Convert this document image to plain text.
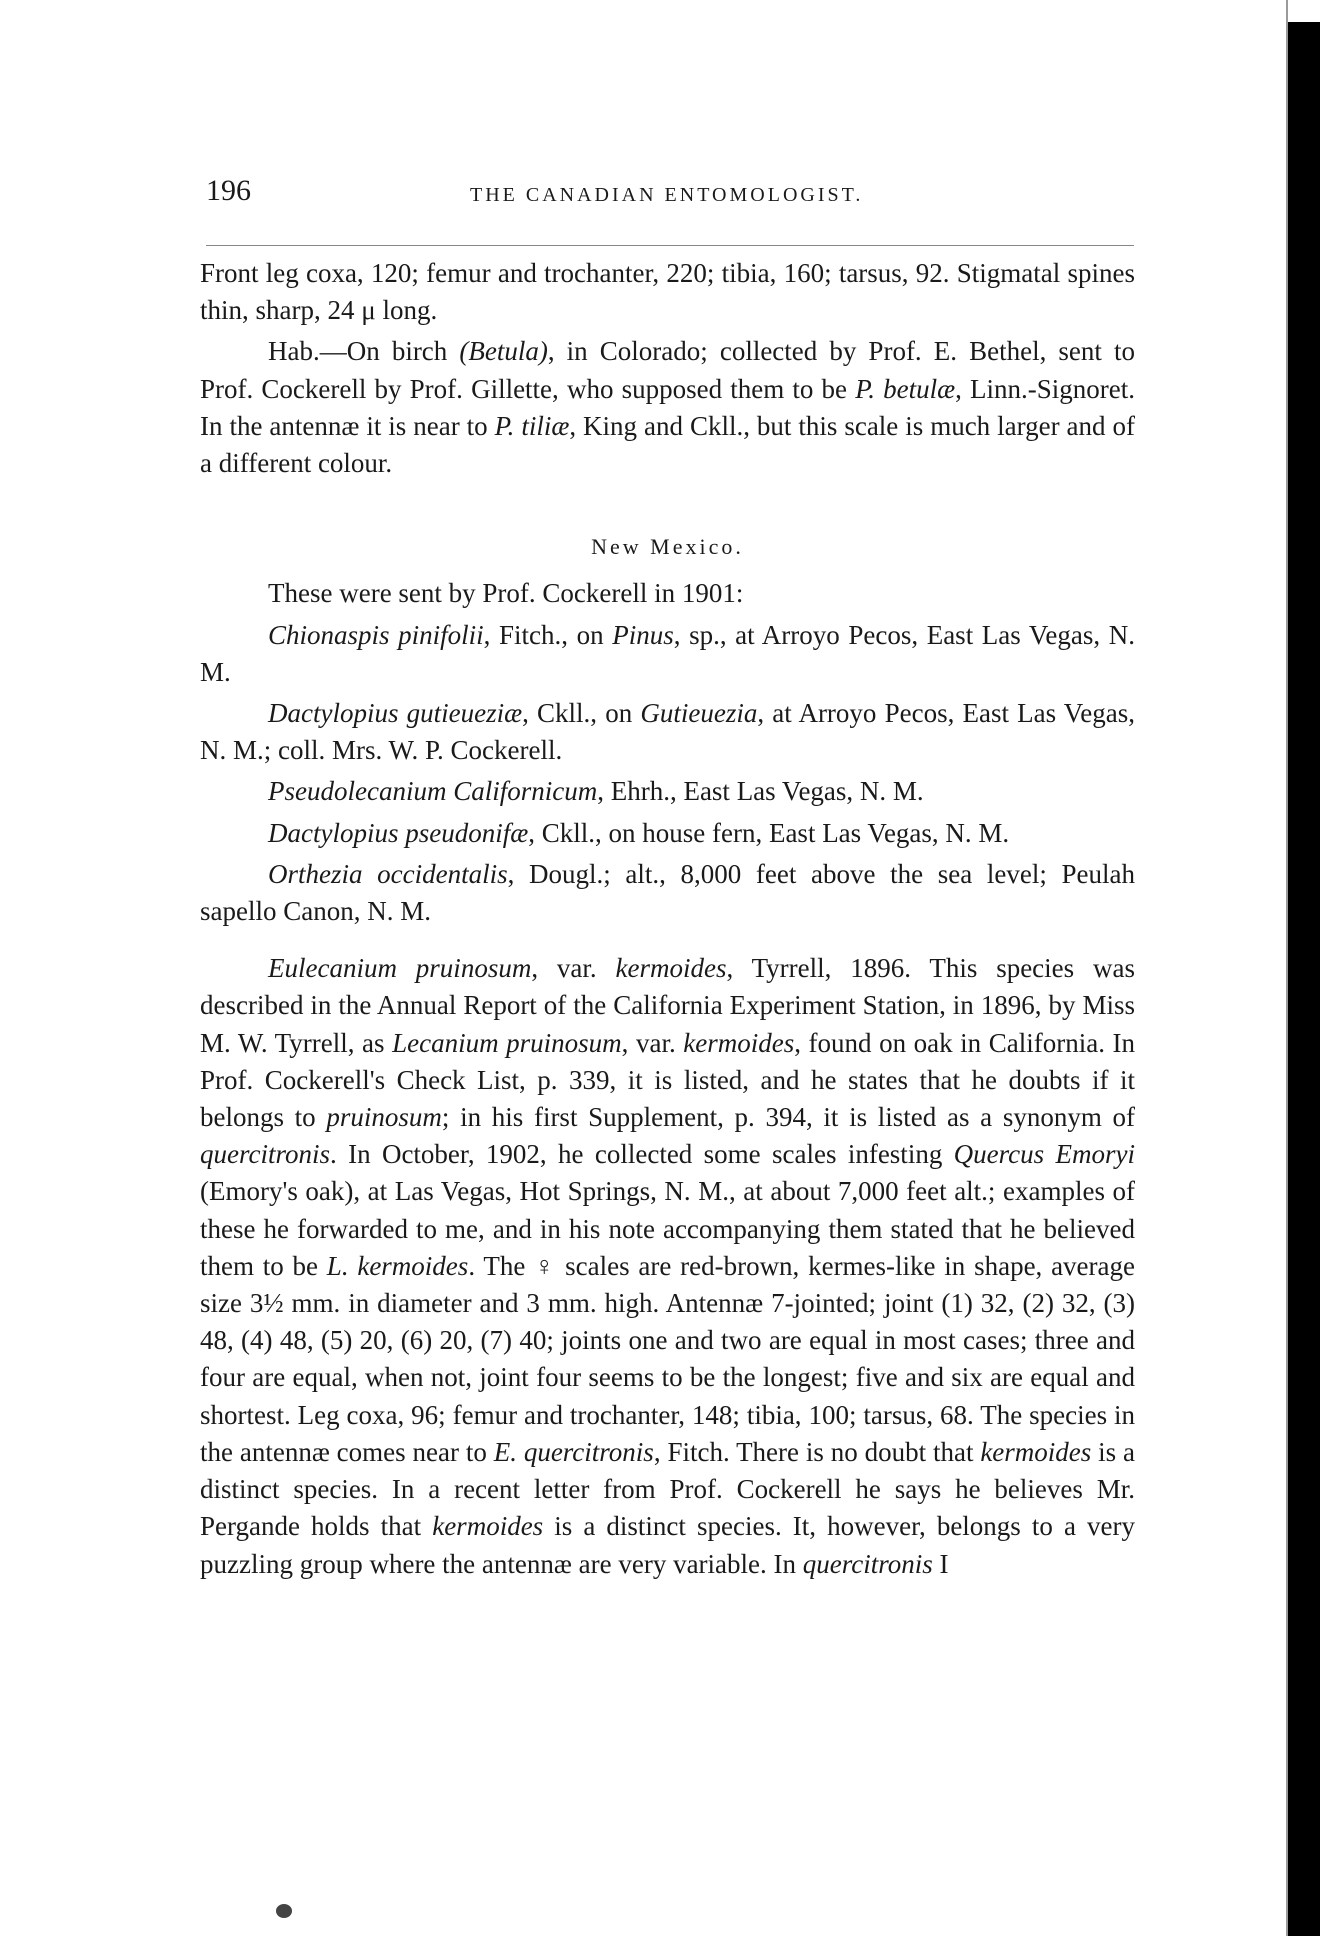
196	THE CANADIAN ENTOMOLOGIST.

Front leg coxa, 120; femur and trochanter, 220; tibia, 160; tarsus, 92. Stigmatal spines thin, sharp, 24 μ long.

Hab.—On birch (Betula), in Colorado; collected by Prof. E. Bethel, sent to Prof. Cockerell by Prof. Gillette, who supposed them to be P. betulæ, Linn.-Signoret. In the antennæ it is near to P. tiliæ, King and Ckll., but this scale is much larger and of a different colour.

New Mexico.

These were sent by Prof. Cockerell in 1901:

Chionaspis pinifolii, Fitch., on Pinus, sp., at Arroyo Pecos, East Las Vegas, N. M.

Dactylopius gutieueziæ, Ckll., on Gutieuezia, at Arroyo Pecos, East Las Vegas, N. M.; coll. Mrs. W. P. Cockerell.

Pseudolecanium Californicum, Ehrh., East Las Vegas, N. M.

Dactylopius pseudonifæ, Ckll., on house fern, East Las Vegas, N. M.

Orthezia occidentalis, Dougl.; alt., 8,000 feet above the sea level; Peulah sapello Canon, N. M.

Eulecanium pruinosum, var. kermoides, Tyrrell, 1896. This species was described in the Annual Report of the California Experiment Station, in 1896, by Miss M. W. Tyrrell, as Lecanium pruinosum, var. kermoides, found on oak in California. In Prof. Cockerell's Check List, p. 339, it is listed, and he states that he doubts if it belongs to pruinosum; in his first Supplement, p. 394, it is listed as a synonym of quercitronis. In October, 1902, he collected some scales infesting Quercus Emoryi (Emory's oak), at Las Vegas, Hot Springs, N. M., at about 7,000 feet alt.; examples of these he forwarded to me, and in his note accompanying them stated that he believed them to be L. kermoides. The ♀ scales are red-brown, kermes-like in shape, average size 3½ mm. in diameter and 3 mm. high. Antennæ 7-jointed; joint (1) 32, (2) 32, (3) 48, (4) 48, (5) 20, (6) 20, (7) 40; joints one and two are equal in most cases; three and four are equal, when not, joint four seems to be the longest; five and six are equal and shortest. Leg coxa, 96; femur and trochanter, 148; tibia, 100; tarsus, 68. The species in the antennæ comes near to E. quercitronis, Fitch. There is no doubt that kermoides is a distinct species. In a recent letter from Prof. Cockerell he says he believes Mr. Pergande holds that kermoides is a distinct species. It, however, belongs to a very puzzling group where the antennæ are very variable. In quercitronis I
